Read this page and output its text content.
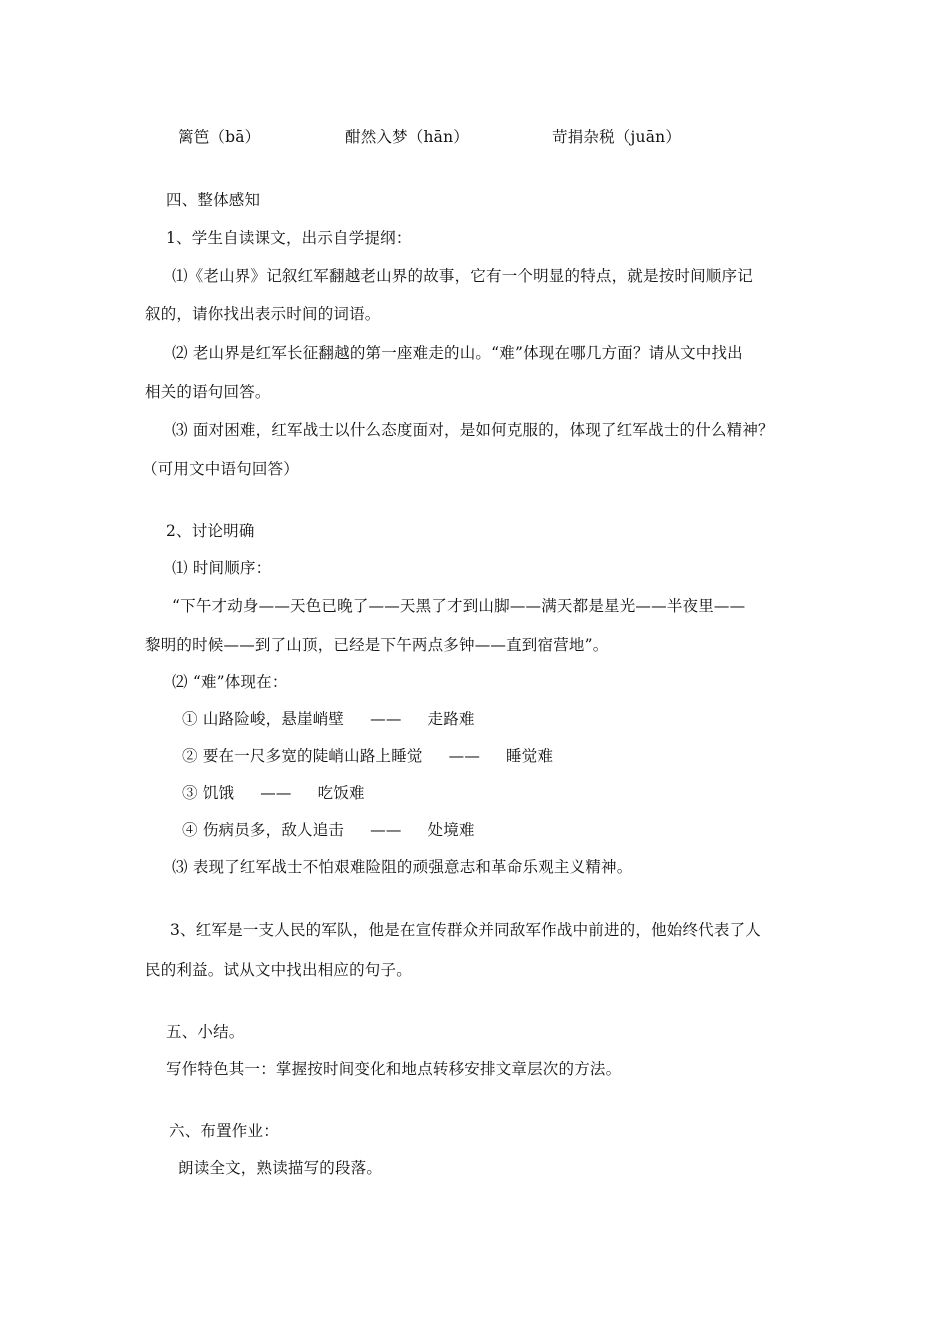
篱笆（bā）	酣然入梦（hān）	苛捐杂税（juān）
四、整体感知
1、学生自读课文，出示自学提纲：
⑴《老山界》记叙红军翻越老山界的故事，它有一个明显的特点，就是按时间顺序记
叙的，请你找出表示时间的词语。
⑵ 老山界是红军长征翻越的第一座难走的山。“难”体现在哪几方面？请从文中找出
相关的语句回答。
⑶ 面对困难，红军战士以什么态度面对，是如何克服的，体现了红军战士的什么精神？
（可用文中语句回答）
2、讨论明确
⑴ 时间顺序：
“下午才动身——天色已晚了——天黑了才到山脚——满天都是星光——半夜里——
黎明的时候——到了山顶，已经是下午两点多钟——直到宿营地”。
⑵ “难”体现在：
① 山路险峻，悬崖峭壁 —— 走路难
② 要在一尺多宽的陡峭山路上睡觉 —— 睡觉难
③ 饥饿 —— 吃饭难
④ 伤病员多，敌人追击 —— 处境难
⑶ 表现了红军战士不怕艰难险阻的顽强意志和革命乐观主义精神。
3、红军是一支人民的军队，他是在宣传群众并同敌军作战中前进的，他始终代表了人
民的利益。试从文中找出相应的句子。
五、小结。
写作特色其一：掌握按时间变化和地点转移安排文章层次的方法。
六、布置作业：
朗读全文，熟读描写的段落。
